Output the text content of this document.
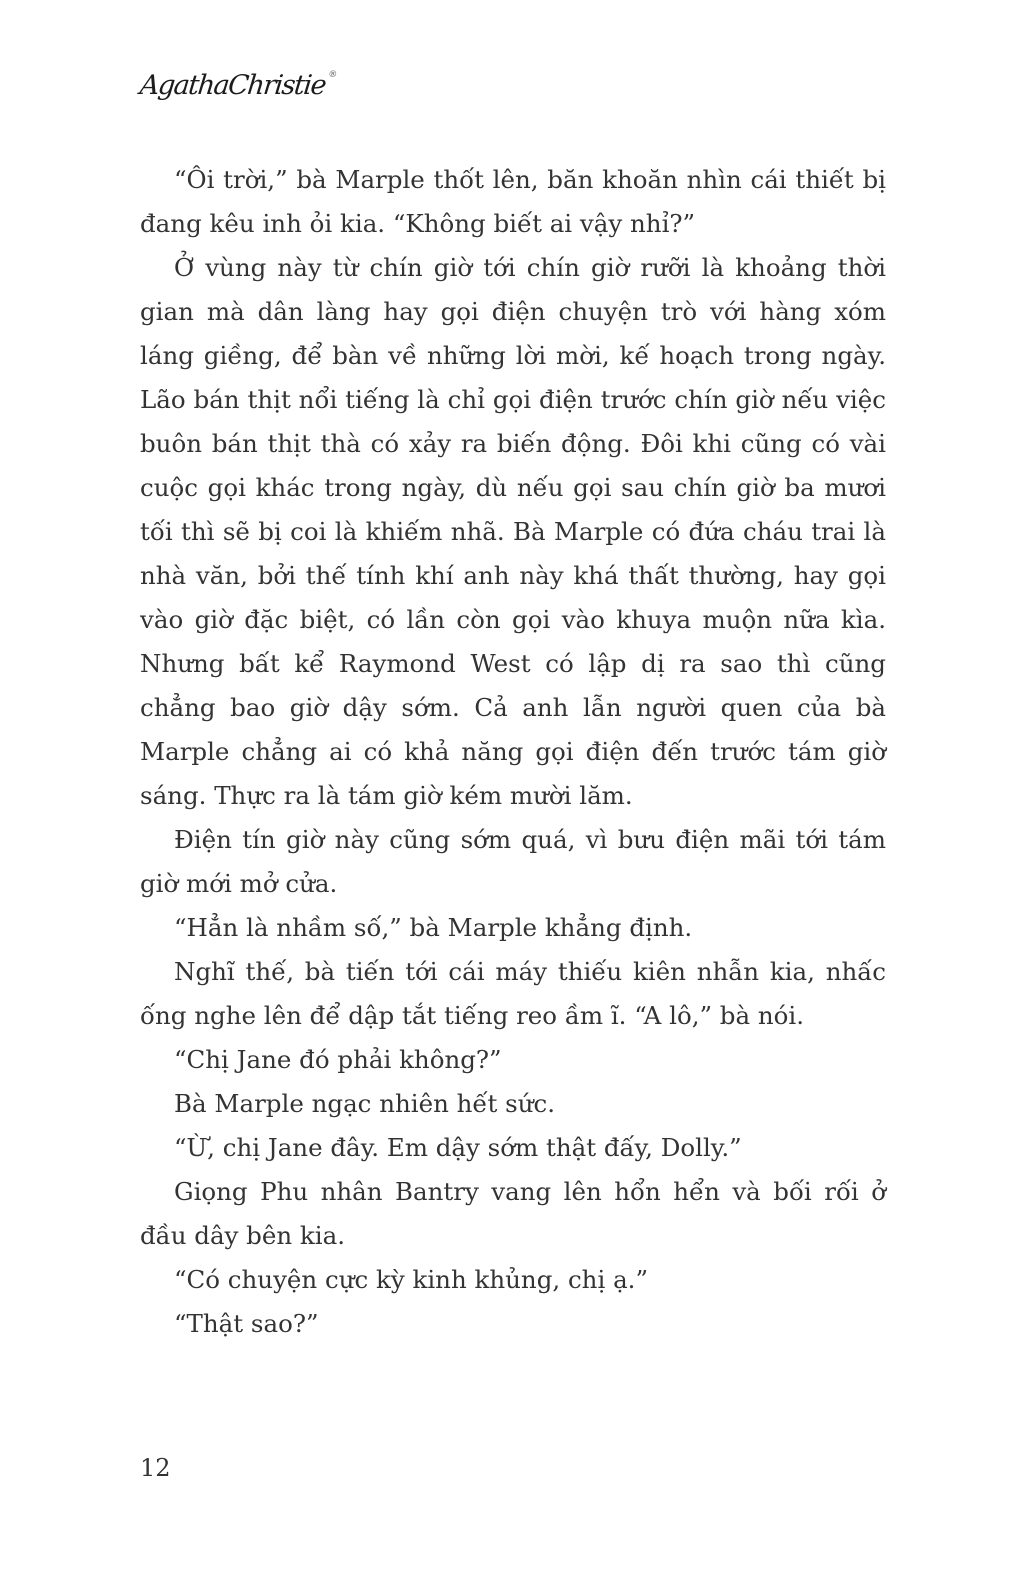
AgathaChristie ®

“Ôi trời,” bà Marple thốt lên, băn khoăn nhìn cái thiết bị đang kêu inh ỏi kia. “Không biết ai vậy nhỉ?”

Ở vùng này từ chín giờ tới chín giờ rưỡi là khoảng thời gian mà dân làng hay gọi điện chuyện trò với hàng xóm láng giềng, để bàn về những lời mời, kế hoạch trong ngày. Lão bán thịt nổi tiếng là chỉ gọi điện trước chín giờ nếu việc buôn bán thịt thà có xảy ra biến động. Đôi khi cũng có vài cuộc gọi khác trong ngày, dù nếu gọi sau chín giờ ba mươi tối thì sẽ bị coi là khiếm nhã. Bà Marple có đứa cháu trai là nhà văn, bởi thế tính khí anh này khá thất thường, hay gọi vào giờ đặc biệt, có lần còn gọi vào khuya muộn nữa kìa. Nhưng bất kể Raymond West có lập dị ra sao thì cũng chẳng bao giờ dậy sớm. Cả anh lẫn người quen của bà Marple chẳng ai có khả năng gọi điện đến trước tám giờ sáng. Thực ra là tám giờ kém mười lăm.

Điện tín giờ này cũng sớm quá, vì bưu điện mãi tới tám giờ mới mở cửa.

“Hẳn là nhầm số,” bà Marple khẳng định.

Nghĩ thế, bà tiến tới cái máy thiếu kiên nhẫn kia, nhấc ống nghe lên để dập tắt tiếng reo ầm ĩ. “A lô,” bà nói.

“Chị Jane đó phải không?”

Bà Marple ngạc nhiên hết sức.

“Ừ, chị Jane đây. Em dậy sớm thật đấy, Dolly.”

Giọng Phu nhân Bantry vang lên hổn hển và bối rối ở đầu dây bên kia.

“Có chuyện cực kỳ kinh khủng, chị ạ.”

“Thật sao?”

12
